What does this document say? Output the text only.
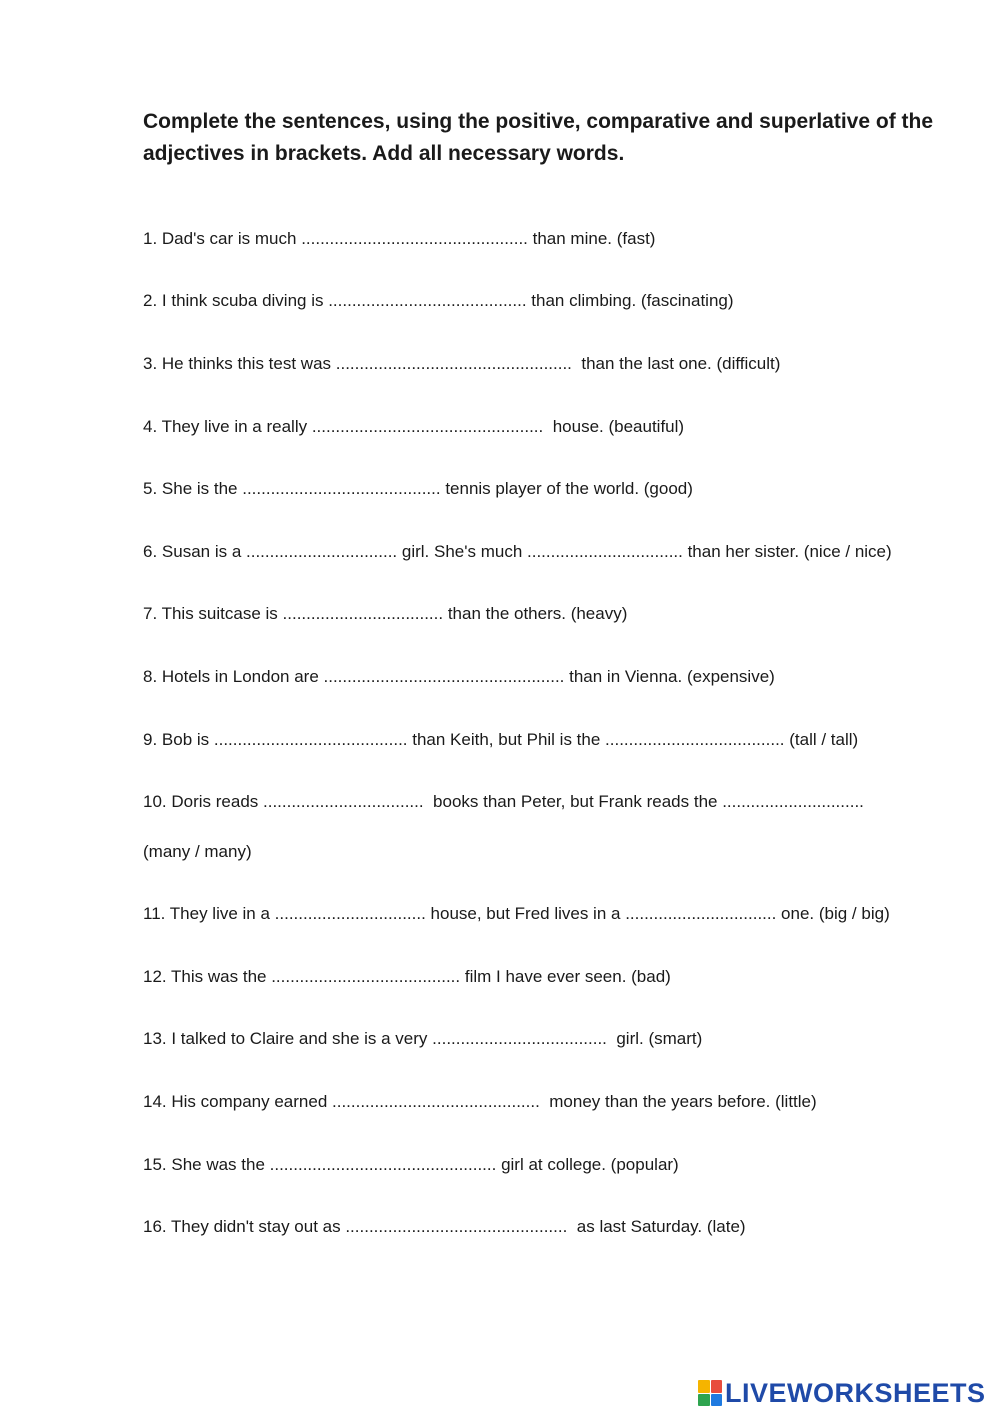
Complete the sentences, using the positive, comparative and superlative of the adjectives in brackets. Add all necessary words.

1. Dad's car is much ................................................ than mine. (fast)
2. I think scuba diving is .......................................... than climbing. (fascinating)
3. He thinks this test was ..................................................  than the last one. (difficult)
4. They live in a really .................................................  house. (beautiful)
5. She is the .......................................... tennis player of the world. (good)
6. Susan is a ................................ girl. She's much ................................. than her sister. (nice / nice)
7. This suitcase is .................................. than the others. (heavy)
8. Hotels in London are ................................................... than in Vienna. (expensive)
9. Bob is ......................................... than Keith, but Phil is the ...................................... (tall / tall)
10. Doris reads ..................................  books than Peter, but Frank reads the ..............................
(many / many)
11. They live in a ................................ house, but Fred lives in a ................................ one. (big / big)
12. This was the ........................................ film I have ever seen. (bad)
13. I talked to Claire and she is a very .....................................  girl. (smart)
14. His company earned ............................................  money than the years before. (little)
15. She was the ................................................ girl at college. (popular)
16. They didn't stay out as ...............................................  as last Saturday. (late)
LIVEWORKSHEETS
